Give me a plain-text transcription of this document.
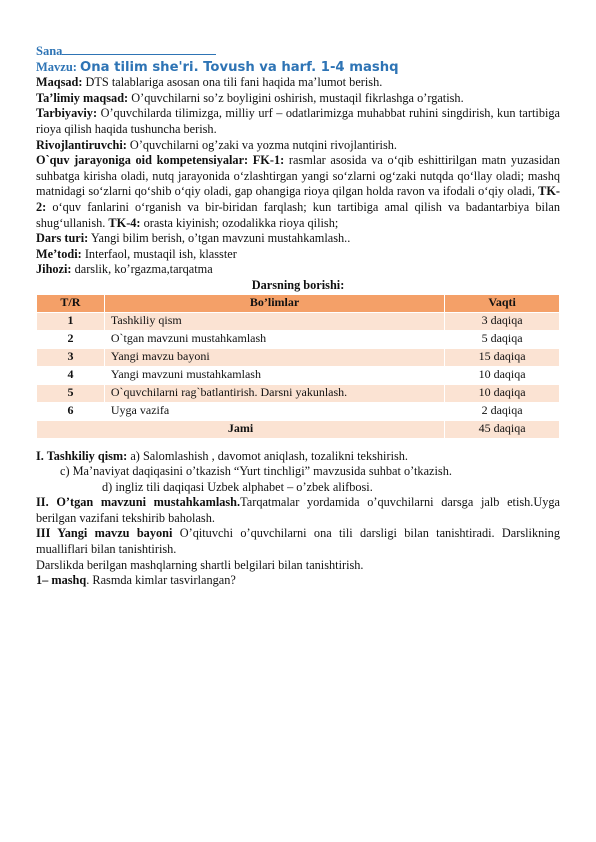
Sana
Mavzu: Ona tilim she'ri. Tovush va harf. 1-4 mashq

Maqsad: DTS talablariga asosan ona tili fani haqida ma’lumot berish.

Ta’limiy maqsad: O’quvchilarni so’z boyligini oshirish, mustaqil fikrlashga o’rgatish.

Tarbiyaviy: O’quvchilarda tilimizga, milliy urf – odatlarimizga muhabbat ruhini singdirish, kun tartibiga rioya qilish haqida tushuncha berish.

Rivojlantiruvchi: O’quvchilarni og’zaki va yozma nutqini rivojlantirish.

O`quv jarayoniga oid kompetensiyalar: FK-1: rasmlar asosida va o‘qib eshittirilgan matn yuzasidan suhbatga kirisha oladi, nutq jarayonida o‘zlashtirgan yangi so‘zlarni og‘zaki nutqda qo‘llay oladi; mashq matnidagi so‘zlarni qo‘shib o‘qiy oladi, gap ohangiga rioya qilgan holda ravon va ifodali o‘qiy oladi, TK-2: o‘quv fanlarini o‘rganish va bir-biridan farqlash; kun tartibiga amal qilish va badantarbiya bilan shug‘ullanish. TK-4: orasta kiyinish; ozodalikka rioya qilish;

Dars turi: Yangi bilim berish, o’tgan mavzuni mustahkamlash..

Me’todi: Interfaol, mustaqil ish, klasster

Jihozi: darslik, ko’rgazma,tarqatma

Darsning borishi:
T/R	Bo’limlar	Vaqti
1	Tashkiliy qism	3 daqiqa
2	O`tgan mavzuni mustahkamlash	5 daqiqa
3	Yangi mavzu bayoni	15 daqiqa
4	Yangi mavzuni mustahkamlash	10 daqiqa
5	O`quvchilarni rag`batlantirish. Darsni yakunlash.	10 daqiqa
6	Uyga vazifa	2 daqiqa
Jami		45 daqiqa

I. Tashkiliy qism: a) Salomlashish , davomot aniqlash, tozalikni tekshirish.

c) Ma’naviyat daqiqasini o’tkazish “Yurt tinchligi” mavzusida suhbat o’tkazish.

d) ingliz tili daqiqasi Uzbek alphabet – o’zbek alifbosi.

II. O’tgan mavzuni mustahkamlash.Tarqatmalar yordamida o’quvchilarni darsga jalb etish.Uyga berilgan vazifani tekshirib baholash.

III Yangi mavzu bayoni O’qituvchi o’quvchilarni ona tili darsligi bilan tanishtiradi. Darslikning mualliflari bilan tanishtirish.

Darslikda berilgan mashqlarning shartli belgilari bilan tanishtirish.

1– mashq. Rasmda kimlar tasvirlangan?
